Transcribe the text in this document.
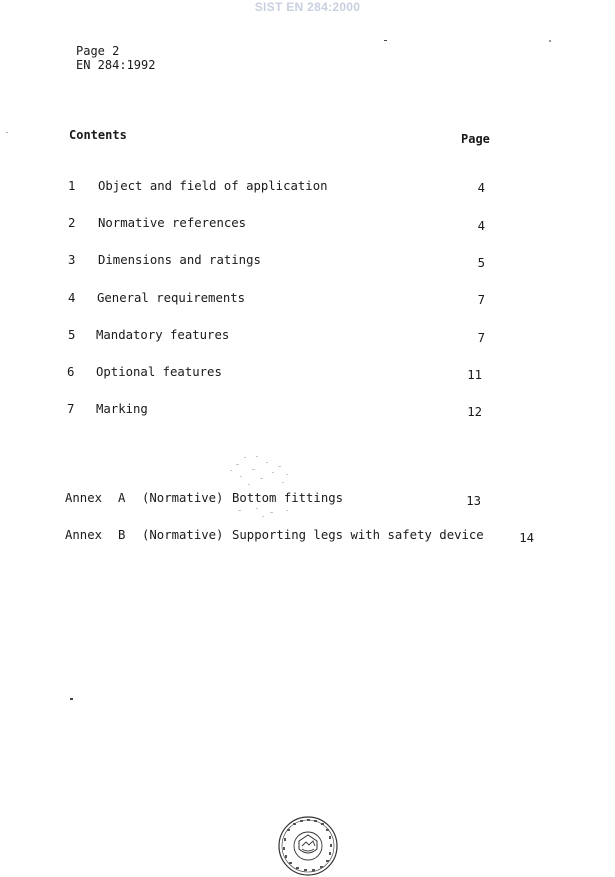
SIST EN 284:2000
Page 2
EN 284:1992
Contents	Page
1 Object and field of application	4
2 Normative references	4
3 Dimensions and ratings	5
4 General requirements	7
5 Mandatory features	7
6 Optional features	11
7 Marking	12
Annex A (Normative) Bottom fittings	13
Annex B (Normative) Supporting legs with safety device	14
